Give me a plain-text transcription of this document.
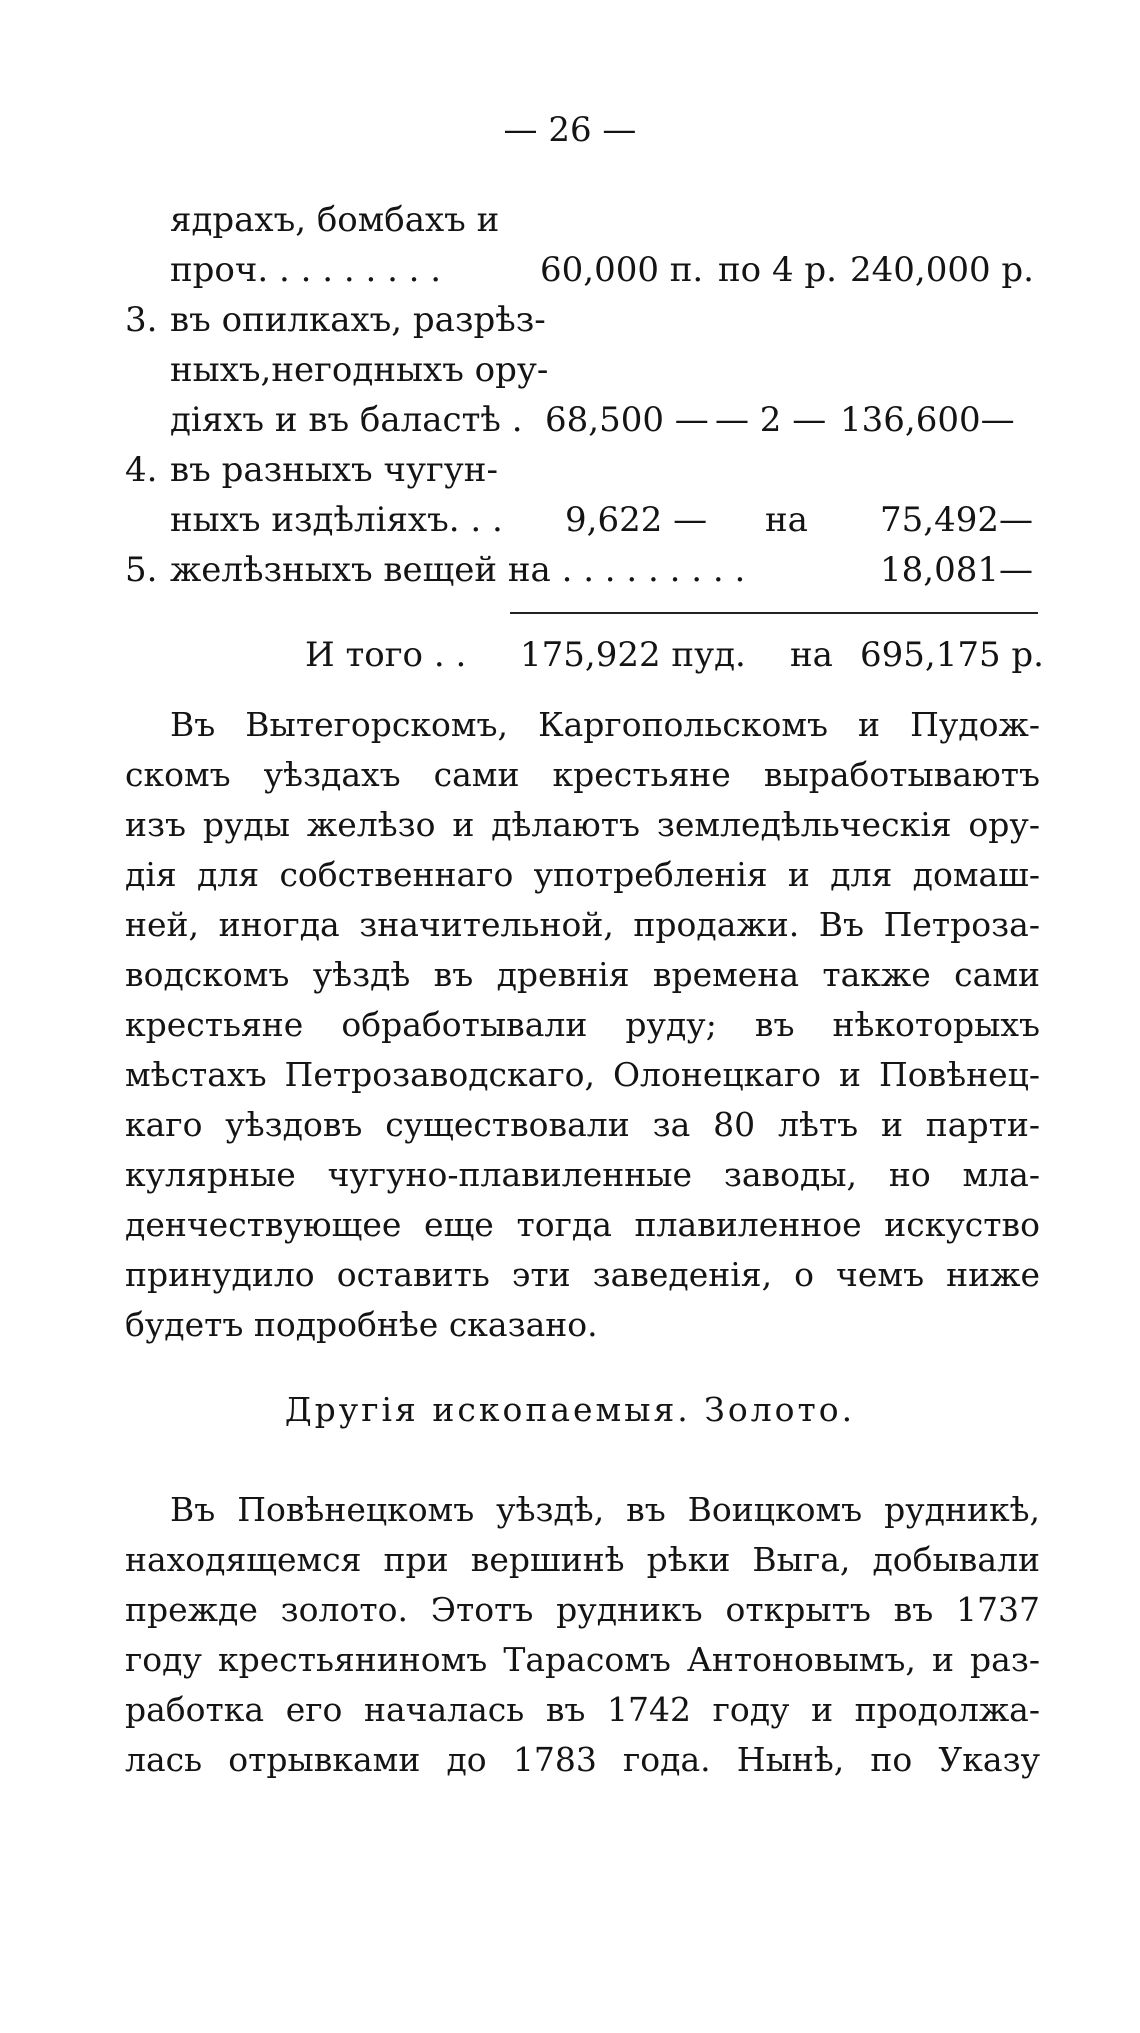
— 26 —
ядрахъ, бомбахъ и
проч. . . . . . . . .	60,000 п. по 4 р. 240,000 р.
3. въ опилкахъ, разрѣз-
ныхъ,негодныхъ ору-
діяхъ и въ баластѣ . 68,500 — — 2 — 136,600—
4. въ разныхъ чугун-
ныхъ издѣліяхъ. . . 9,622 — на 75,492—
5. желѣзныхъ вещей на . . . . . . . . .	18,081—
И того . . 175,922 пуд. на 695,175 р.
Въ Вытегорскомъ, Каргопольскомъ и Пудож-
скомъ уѣздахъ сами крестьяне выработываютъ
изъ руды желѣзо и дѣлаютъ земледѣльческія ору-
дія для собственнаго употребленія и для домаш-
ней, иногда значительной, продажи. Въ Петроза-
водскомъ уѣздѣ въ древнія времена также сами
крестьяне обработывали руду; въ нѣкоторыхъ
мѣстахъ Петрозаводскаго, Олонецкаго и Повѣнец-
каго уѣздовъ существовали за 80 лѣтъ и парти-
кулярные чугуно-плавиленные заводы, но мла-
денчествующее еще тогда плавиленное искуство
принудило оставить эти заведенія, о чемъ ниже
будетъ подробнѣе сказано.
Другія ископаемыя. Золото.
Въ Повѣнецкомъ уѣздѣ, въ Воицкомъ рудникѣ,
находящемся при вершинѣ рѣки Выга, добывали
прежде золото. Этотъ рудникъ открытъ въ 1737
году крестьяниномъ Тарасомъ Антоновымъ, и раз-
работка его началась въ 1742 году и продолжа-
лась отрывками до 1783 года. Нынѣ, по Указу
